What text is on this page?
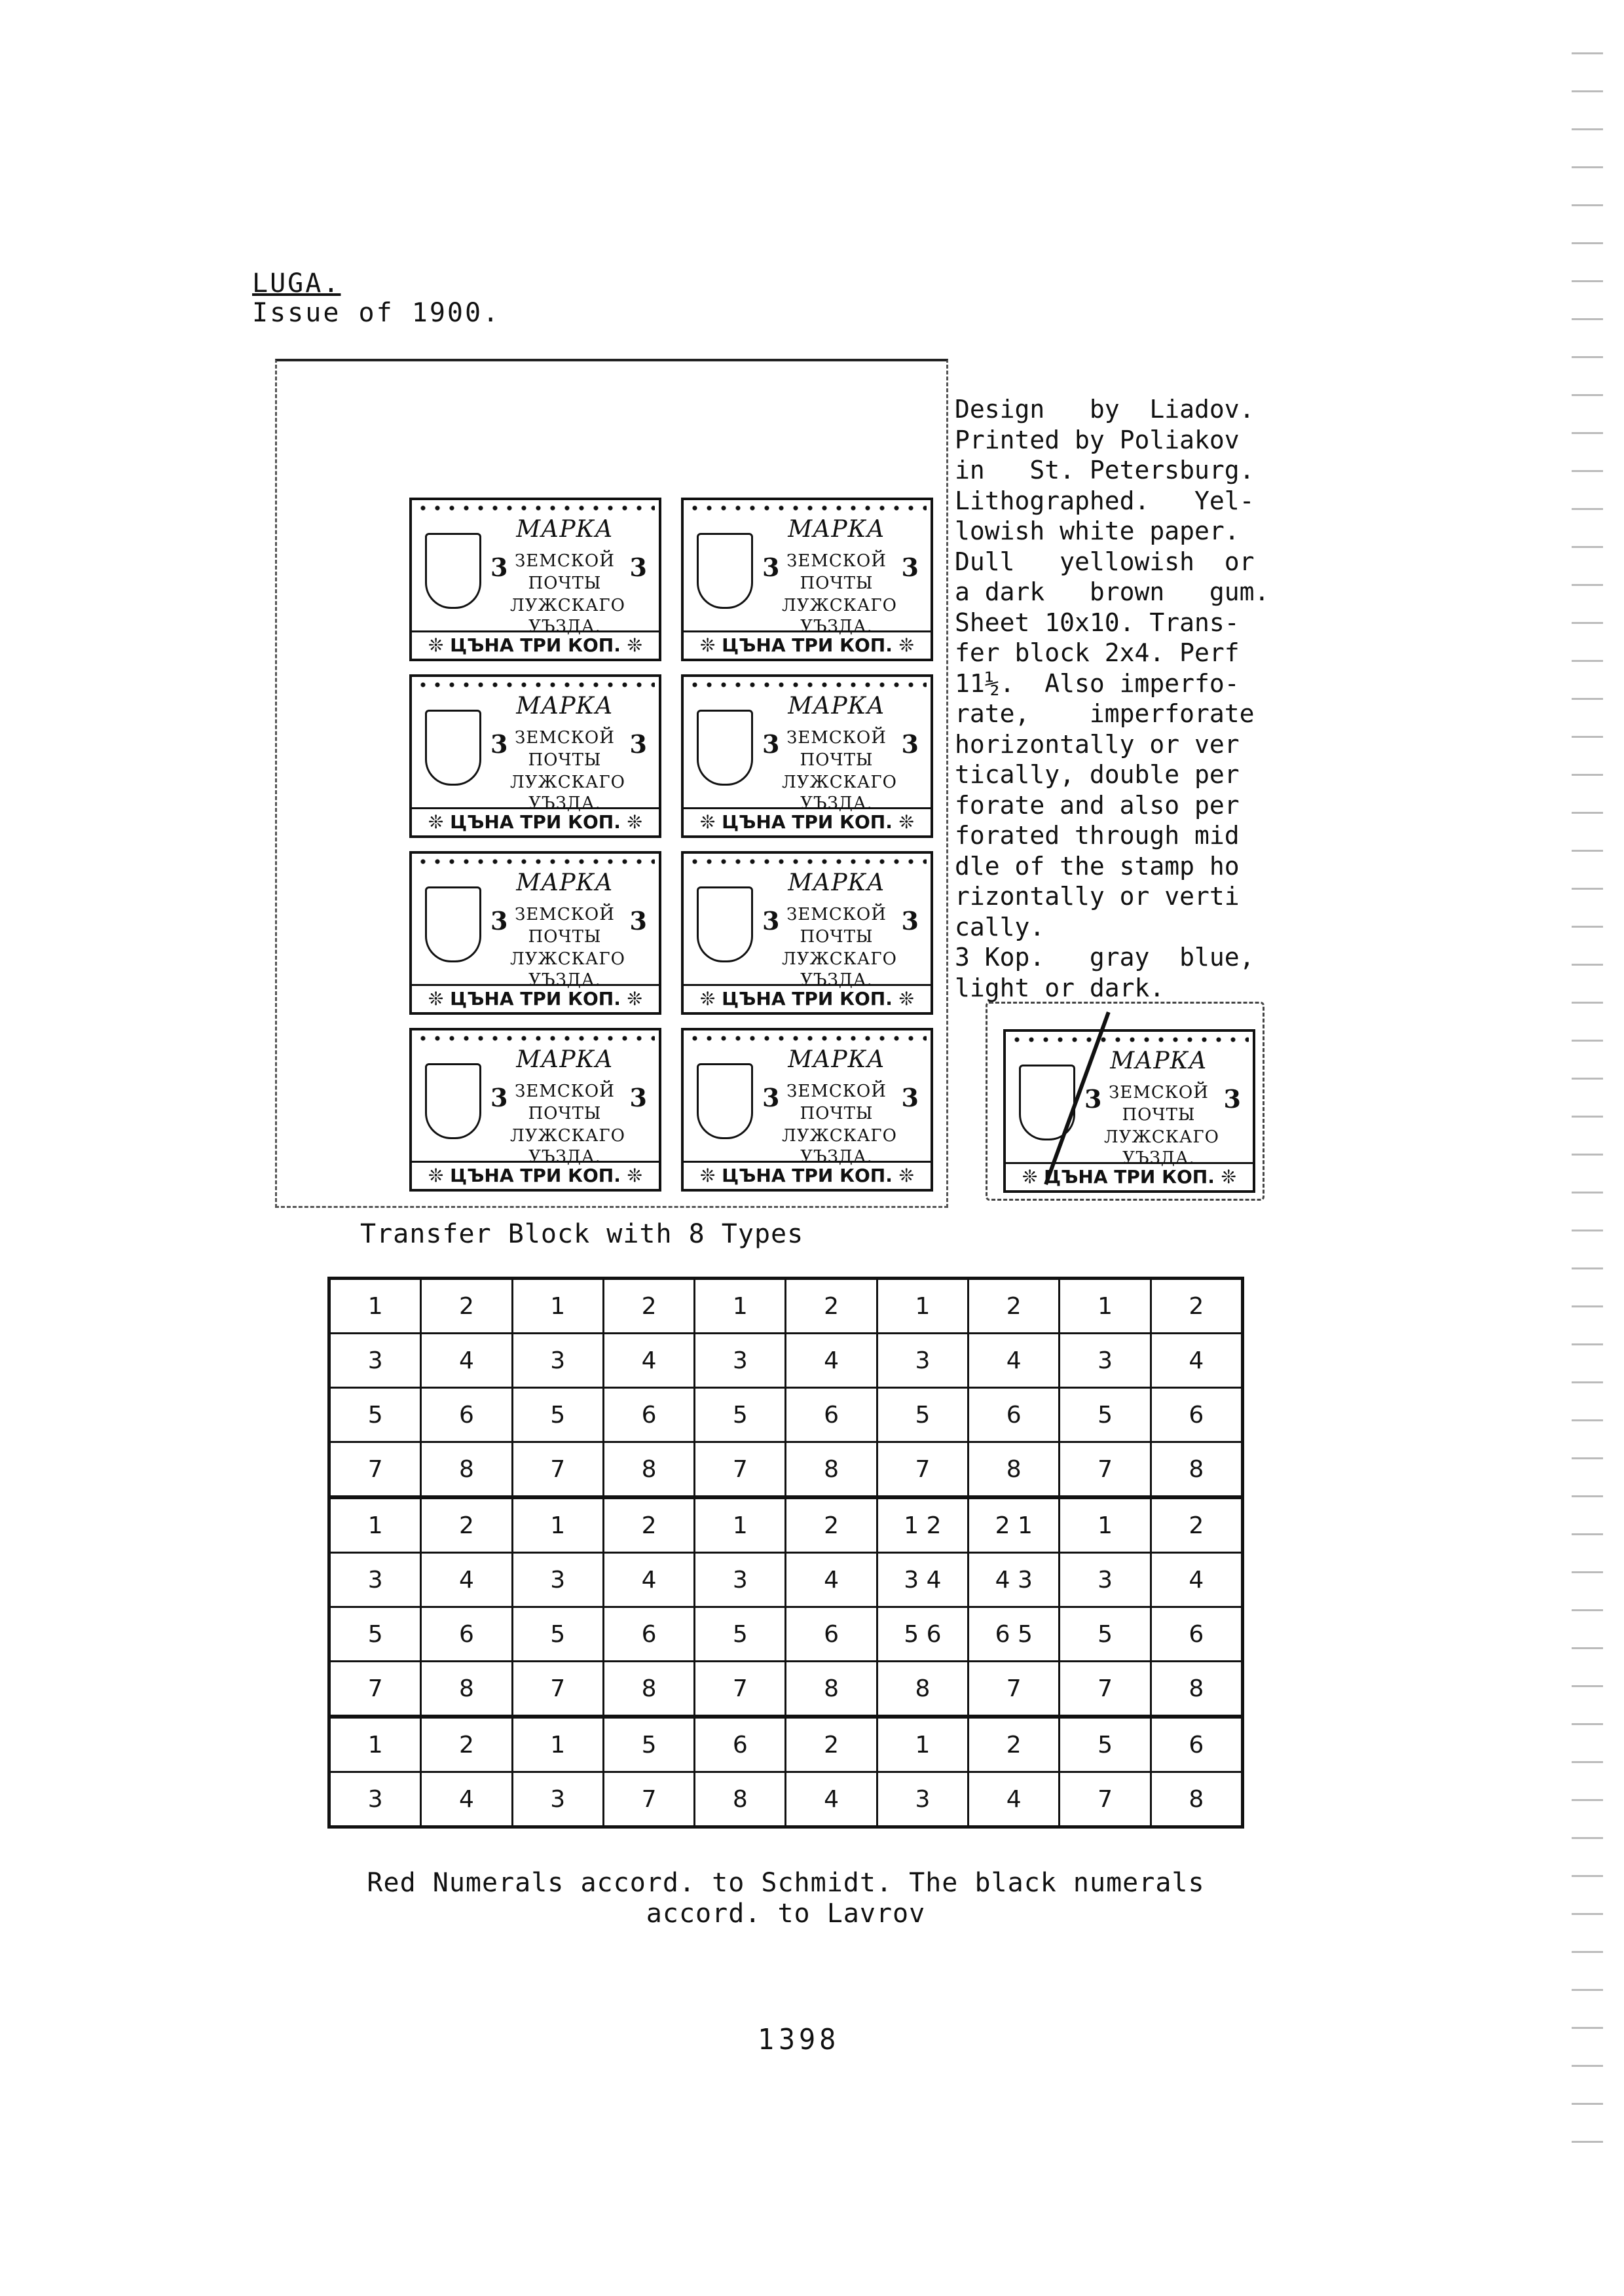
LUGA.
Issue of 1900.
3	3
МАРКА
ЗЕМСКОЙ
ПОЧТЫ
ЛУЖСКАГО
УЪЗДА.
❊ ЦЪНА ТРИ КОП. ❊
3	3
МАРКА
ЗЕМСКОЙ
ПОЧТЫ
ЛУЖСКАГО
УЪЗДА.
❊ ЦЪНА ТРИ КОП. ❊
3	3
МАРКА
ЗЕМСКОЙ
ПОЧТЫ
ЛУЖСКАГО
УЪЗДА.
❊ ЦЪНА ТРИ КОП. ❊
3	3
МАРКА
ЗЕМСКОЙ
ПОЧТЫ
ЛУЖСКАГО
УЪЗДА.
❊ ЦЪНА ТРИ КОП. ❊
3	3
МАРКА
ЗЕМСКОЙ
ПОЧТЫ
ЛУЖСКАГО
УЪЗДА.
❊ ЦЪНА ТРИ КОП. ❊
3	3
МАРКА
ЗЕМСКОЙ
ПОЧТЫ
ЛУЖСКАГО
УЪЗДА.
❊ ЦЪНА ТРИ КОП. ❊
3	3
МАРКА
ЗЕМСКОЙ
ПОЧТЫ
ЛУЖСКАГО
УЪЗДА.
❊ ЦЪНА ТРИ КОП. ❊
3	3
МАРКА
ЗЕМСКОЙ
ПОЧТЫ
ЛУЖСКАГО
УЪЗДА.
❊ ЦЪНА ТРИ КОП. ❊
3	3
МАРКА
ЗЕМСКОЙ
ПОЧТЫ
ЛУЖСКАГО
УЪЗДА.
❊ ЦЪНА ТРИ КОП. ❊
Design   by  Liadov.
Printed by Poliakov
in   St. Petersburg.
Lithographed.   Yel-
lowish white paper.
Dull   yellowish  or
a dark   brown   gum.
Sheet 10x10. Trans-
fer block 2x4. Perf
11½.  Also imperfo-
rate,    imperforate
horizontally or ver
tically, double per
forate and also per
forated through mid
dle of the stamp ho
rizontally or verti
cally.
3 Kop.   gray  blue,
light or dark.
Transfer Block with 8 Types
1	2	1	2	1	2	1	2	1	2
3	4	3	4	3	4	3	4	3	4
5	6	5	6	5	6	5	6	5	6
7	8	7	8	7	8	7	8	7	8
1	2	1	2	1	2	1 2	2 1	1	2
3	4	3	4	3	4	3 4	4 3	3	4
5	6	5	6	5	6	5 6	6 5	5	6
7	8	7	8	7	8	8	7	7	8
1	2	1	5	6	2	1	2	5	6
3	4	3	7	8	4	3	4	7	8
Red Numerals accord. to Schmidt. The black numerals
accord. to Lavrov
1398
